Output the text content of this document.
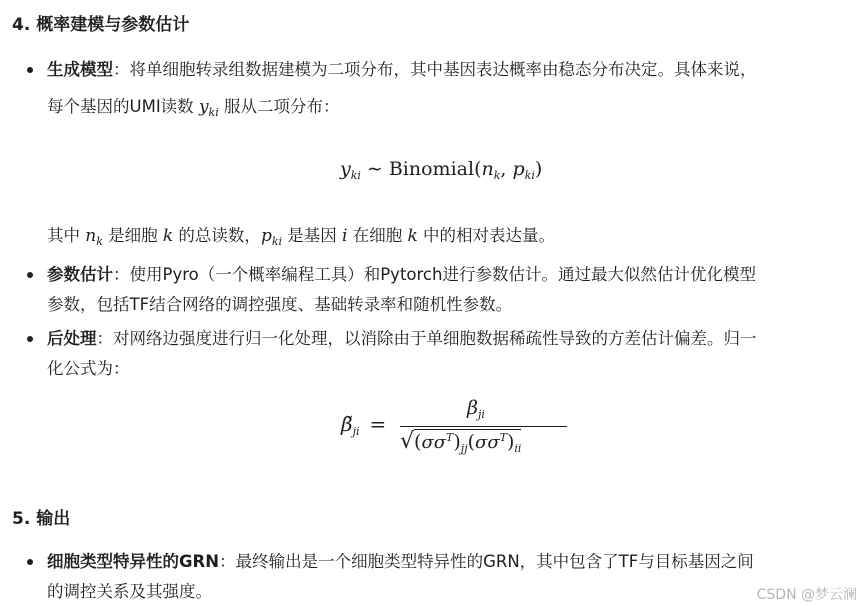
4. 概率建模与参数估计
生成模型：将单细胞转录组数据建模为二项分布，其中基因表达概率由稳态分布决定。具体来说，
每个基因的UMI读数 $y_{ki}$ 服从二项分布：
$y_{ki}$ ∼ $Binomial(n_k$, $p_{ki}$)
其中 $n_k$ 是细胞 k 的总读数，$p_{ki}$ 是基因 i 在细胞 k 中的相对表达量。
参数估计：使用Pyro（一个概率编程工具）和Pytorch进行参数估计。通过最大似然估计优化模型
参数，包括TF结合网络的调控强度、基础转录率和随机性参数。
后处理：对网络边强度进行归一化处理，以消除由于单细胞数据稀疏性导致的方差估计偏差。归一
化公式为：
$\betã_{ji}$ =
$\beta_{ji}$
$√(\sigma\sigma^T)_{jj}(\sigma\sigma^T)_{ii}$
5. 输出
细胞类型特异性的GRN：最终输出是一个细胞类型特异性的GRN，其中包含了TF与目标基因之间
的调控关系及其强度。	CSDN @梦云澜
